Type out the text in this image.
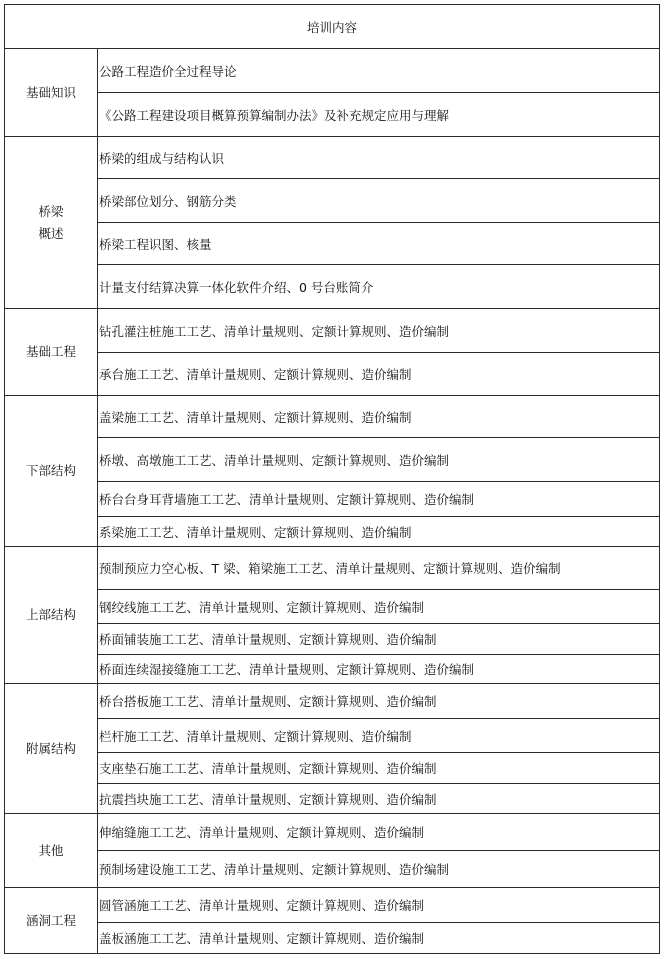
培训内容	

基础知识	公路工程造价全过程导论
	《公路工程建设项目概算预算编制办法》及补充规定应用与理解

桥梁
概述	桥梁的组成与结构认识
	桥梁部位划分、钢筋分类
	桥梁工程识图、核量
	计量支付结算决算一体化软件介绍、0 号台账简介

基础工程	钻孔灌注桩施工工艺、清单计量规则、定额计算规则、造价编制
	承台施工工艺、清单计量规则、定额计算规则、造价编制

下部结构	盖梁施工工艺、清单计量规则、定额计算规则、造价编制
	桥墩、高墩施工工艺、清单计量规则、定额计算规则、造价编制
	桥台台身耳背墙施工工艺、清单计量规则、定额计算规则、造价编制
	系梁施工工艺、清单计量规则、定额计算规则、造价编制

上部结构	预制预应力空心板、T 梁、箱梁施工工艺、清单计量规则、定额计算规则、造价编制
	钢绞线施工工艺、清单计量规则、定额计算规则、造价编制
	桥面铺装施工工艺、清单计量规则、定额计算规则、造价编制
	桥面连续湿接缝施工工艺、清单计量规则、定额计算规则、造价编制

附属结构	桥台搭板施工工艺、清单计量规则、定额计算规则、造价编制
	栏杆施工工艺、清单计量规则、定额计算规则、造价编制
	支座垫石施工工艺、清单计量规则、定额计算规则、造价编制
	抗震挡块施工工艺、清单计量规则、定额计算规则、造价编制

其他	伸缩缝施工工艺、清单计量规则、定额计算规则、造价编制
	预制场建设施工工艺、清单计量规则、定额计算规则、造价编制

涵洞工程	圆管涵施工工艺、清单计量规则、定额计算规则、造价编制
	盖板涵施工工艺、清单计量规则、定额计算规则、造价编制
